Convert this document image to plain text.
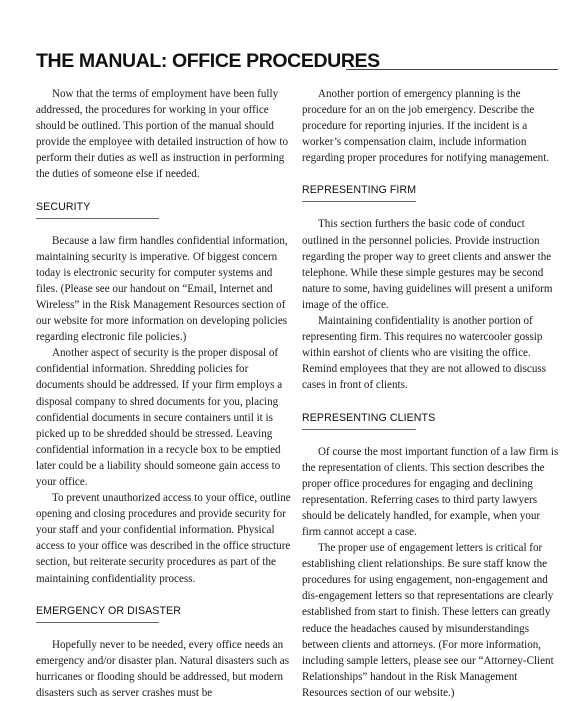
THE MANUAL: OFFICE PROCEDURES

Now that the terms of employment have been fully addressed, the procedures for working in your office should be outlined. This portion of the manual should provide the employee with detailed instruction of how to perform their duties as well as instruction in performing the duties of someone else if needed.

SECURITY

Because a law firm handles confidential information, maintaining security is imperative. Of biggest concern today is electronic security for computer systems and files. (Please see our handout on “Email, Internet and Wireless” in the Risk Management Resources section of our website for more information on developing policies regarding electronic file policies.)

Another aspect of security is the proper disposal of confidential information. Shredding policies for documents should be addressed. If your firm employs a disposal company to shred documents for you, placing confidential documents in secure containers until it is picked up to be shredded should be stressed. Leaving confidential information in a recycle box to be emptied later could be a liability should someone gain access to your office.

To prevent unauthorized access to your office, outline opening and closing procedures and provide security for your staff and your confidential information. Physical access to your office was described in the office structure section, but reiterate security procedures as part of the maintaining confidentiality process.

EMERGENCY OR DISASTER

Hopefully never to be needed, every office needs an emergency and/or disaster plan. Natural disasters such as hurricanes or flooding should be addressed, but modern disasters such as server crashes must be

Another portion of emergency planning is the procedure for an on the job emergency. Describe the procedure for reporting injuries. If the incident is a worker’s compensation claim, include information regarding proper procedures for notifying management.

REPRESENTING FIRM

This section furthers the basic code of conduct outlined in the personnel policies. Provide instruction regarding the proper way to greet clients and answer the telephone. While these simple gestures may be second nature to some, having guidelines will present a uniform image of the office.

Maintaining confidentiality is another portion of representing firm. This requires no watercooler gossip within earshot of clients who are visiting the office. Remind employees that they are not allowed to discuss cases in front of clients.

REPRESENTING CLIENTS

Of course the most important function of a law firm is the representation of clients. This section describes the proper office procedures for engaging and declining representation. Referring cases to third party lawyers should be delicately handled, for example, when your firm cannot accept a case.

The proper use of engagement letters is critical for establishing client relationships. Be sure staff know the procedures for using engagement, non-engagement and dis-engagement letters so that representations are clearly established from start to finish. These letters can greatly reduce the headaches caused by misunderstandings between clients and attorneys. (For more information, including sample letters, please see our “Attorney-Client Relationships” handout in the Risk Management Resources section of our website.)
